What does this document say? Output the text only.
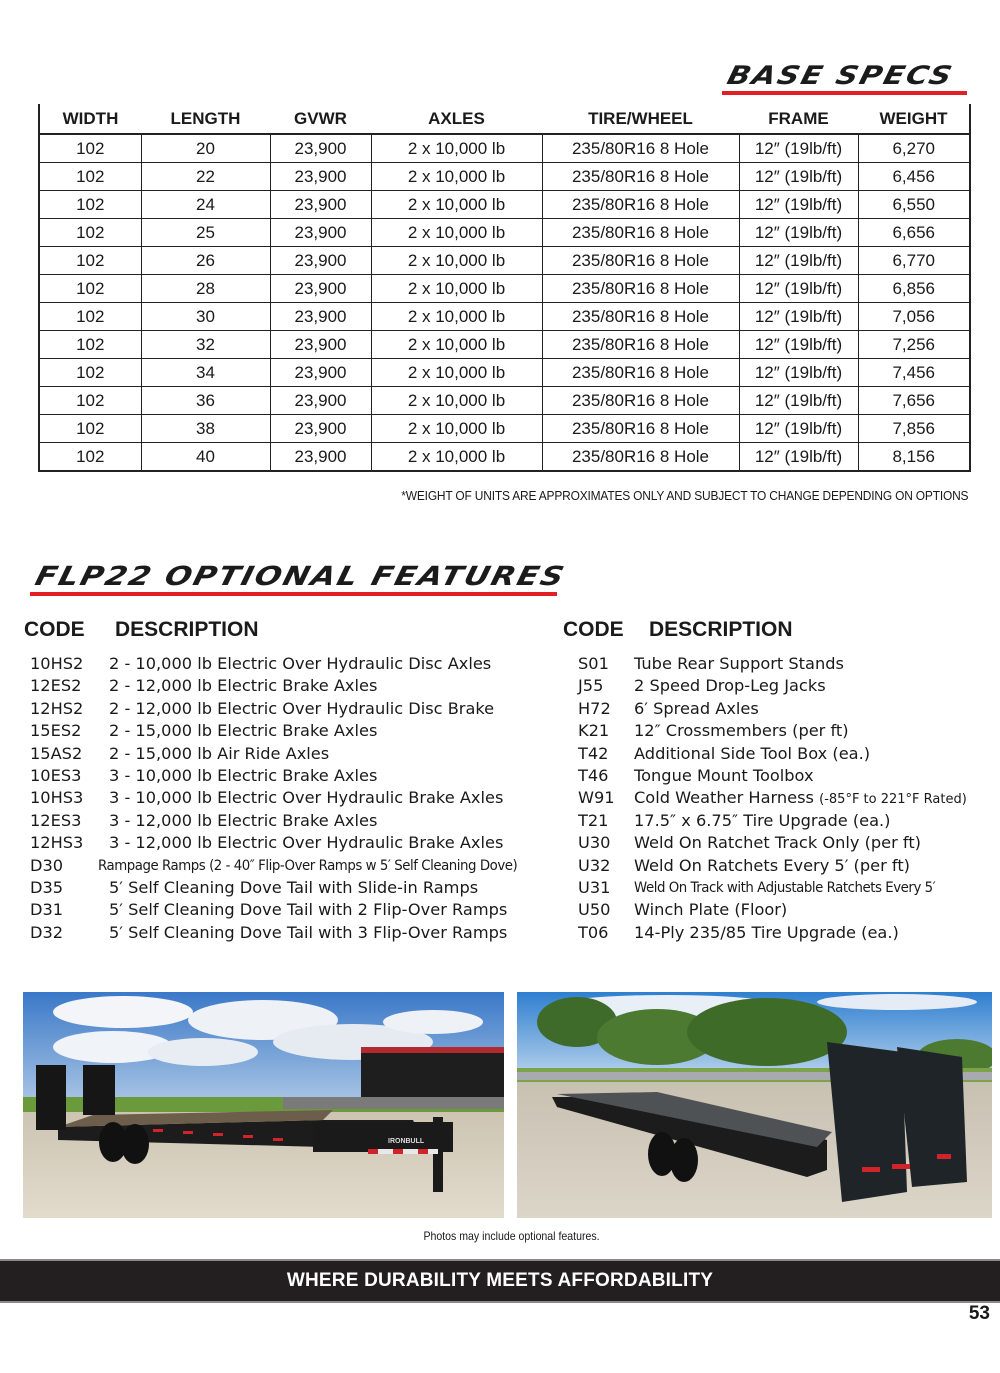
BASE SPECS
WIDTH	LENGTH	GVWR	AXLES	TIRE/WHEEL	FRAME	WEIGHT
102	20	23,900	2 x 10,000 lb	235/80R16 8 Hole	12″ (19lb/ft)	6,270
102	22	23,900	2 x 10,000 lb	235/80R16 8 Hole	12″ (19lb/ft)	6,456
102	24	23,900	2 x 10,000 lb	235/80R16 8 Hole	12″ (19lb/ft)	6,550
102	25	23,900	2 x 10,000 lb	235/80R16 8 Hole	12″ (19lb/ft)	6,656
102	26	23,900	2 x 10,000 lb	235/80R16 8 Hole	12″ (19lb/ft)	6,770
102	28	23,900	2 x 10,000 lb	235/80R16 8 Hole	12″ (19lb/ft)	6,856
102	30	23,900	2 x 10,000 lb	235/80R16 8 Hole	12″ (19lb/ft)	7,056
102	32	23,900	2 x 10,000 lb	235/80R16 8 Hole	12″ (19lb/ft)	7,256
102	34	23,900	2 x 10,000 lb	235/80R16 8 Hole	12″ (19lb/ft)	7,456
102	36	23,900	2 x 10,000 lb	235/80R16 8 Hole	12″ (19lb/ft)	7,656
102	38	23,900	2 x 10,000 lb	235/80R16 8 Hole	12″ (19lb/ft)	7,856
102	40	23,900	2 x 10,000 lb	235/80R16 8 Hole	12″ (19lb/ft)	8,156
*WEIGHT OF UNITS ARE APPROXIMATES ONLY AND SUBJECT TO CHANGE DEPENDING ON OPTIONS
FLP22 OPTIONAL FEATURES
CODE	DESCRIPTION
10HS2	2 - 10,000 lb Electric Over Hydraulic Disc Axles
12ES2	2 - 12,000 lb Electric Brake Axles
12HS2	2 - 12,000 lb Electric Over Hydraulic Disc Brake
15ES2	2 - 15,000 lb Electric Brake Axles
15AS2	2 - 15,000 lb Air Ride Axles
10ES3	3 - 10,000 lb Electric Brake Axles
10HS3	3 - 10,000 lb Electric Over Hydraulic Brake Axles
12ES3	3 - 12,000 lb Electric Brake Axles
12HS3	3 - 12,000 lb Electric Over Hydraulic Brake Axles
D30	Rampage Ramps (2 - 40″ Flip-Over Ramps w 5′ Self Cleaning Dove)
D35	5′ Self Cleaning Dove Tail with Slide-in Ramps
D31	5′ Self Cleaning Dove Tail with 2 Flip-Over Ramps
D32	5′ Self Cleaning Dove Tail with 3 Flip-Over Ramps
CODE	DESCRIPTION
S01	Tube Rear Support Stands
J55	2 Speed Drop-Leg Jacks
H72	6′ Spread Axles
K21	12″ Crossmembers (per ft)
T42	Additional Side Tool Box (ea.)
T46	Tongue Mount Toolbox
W91	Cold Weather Harness (-85°F to 221°F Rated)
T21	17.5″ x 6.75″ Tire Upgrade (ea.)
U30	Weld On Ratchet Track Only (per ft)
U32	Weld On Ratchets Every 5′ (per ft)
U31	Weld On Track with Adjustable Ratchets Every 5′
U50	Winch Plate (Floor)
T06	14-Ply 235/85 Tire Upgrade (ea.)
IRONBULL
Photos may include optional features.
WHERE DURABILITY MEETS AFFORDABILITY
53
